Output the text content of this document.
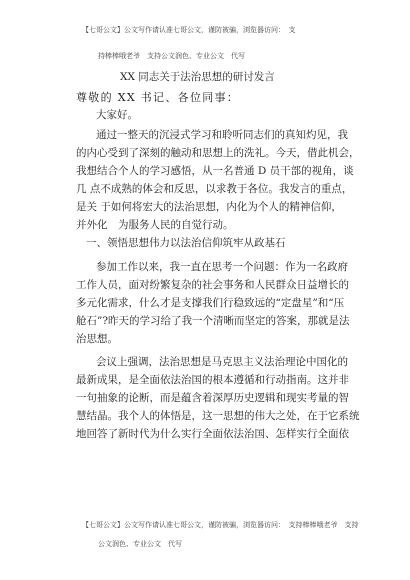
【七哥公文】公文写作请认准七哥公文，谨防被骗，浏览器访问：　支
持棒棒哦老爷　支持公文润色、专业公文　代写
XX 同志关于法治思想的研讨发言
尊敬的 XX 书记、各位同事：
大家好。
通过一整天的沉浸式学习和聆听同志们的真知灼见，我
的内心受到了深刻的触动和思想上的洗礼。今天，借此机会，
我想结合个人的学习感悟，从一名普通 D 员干部的视角，谈
几 点不成熟的体会和反思，以求教于各位。我发言的重点，
是关 于如何将宏大的法治思想，内化为个人的精神信仰，
并外化　为服务人民的自觉行动。
一、领悟思想伟力以法治信仰筑牢从政基石
参加工作以来，我一直在思考一个问题：作为一名政府
工作人员，面对纷繁复杂的社会事务和人民群众日益增长的
多元化需求，什么才是支撑我们行稳致远的“定盘星”和“压
舱石”?昨天的学习给了我一个清晰而坚定的答案，那就是法
治思想。
会议上强调，法治思想是马克思主义法治理论中国化的
最新成果，是全面依法治国的根本遵循和行动指南。这并非
一句抽象的论断，而是蕴含着深厚历史逻辑和现实考量的智
慧结晶。我个人的体悟是，这一思想的伟大之处，在于它系统
地回答了新时代为什么实行全面依法治国、怎样实行全面依
【七哥公文】公文写作请认准七哥公文，谨防被骗，浏览器访问：　支持棒棒哦老爷　支持
公文润色、专业公文　代写
